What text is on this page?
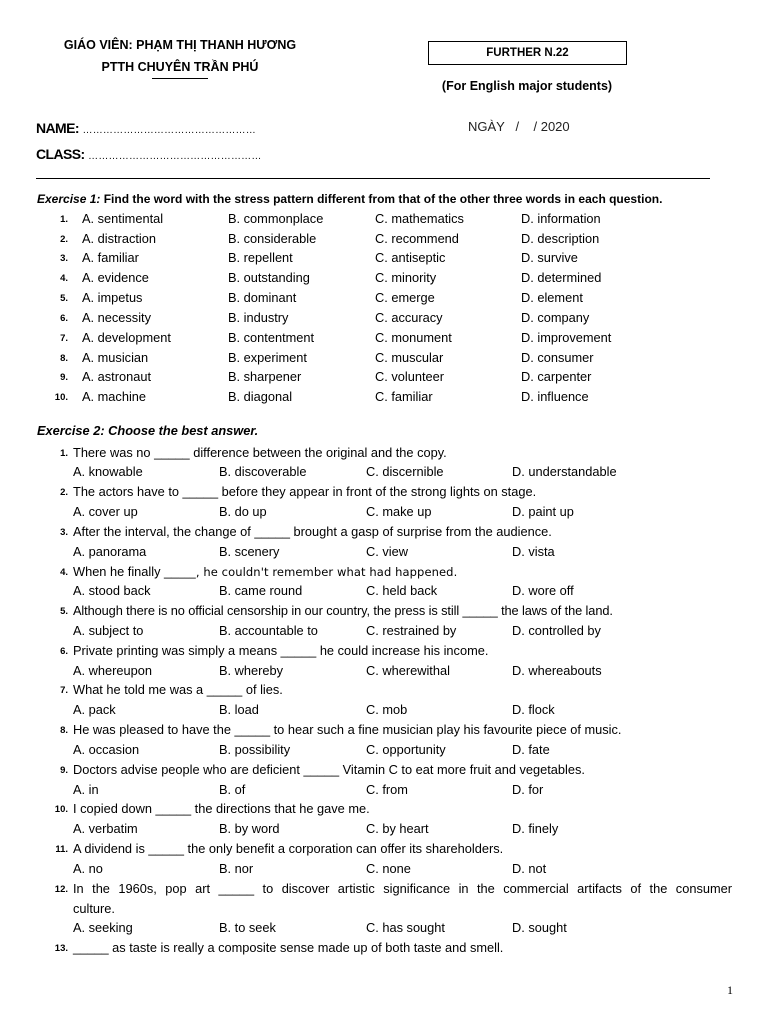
GIÁO VIÊN: PHẠM THỊ THANH HƯƠNG
PTTH CHUYÊN TRẦN PHÚ
FURTHER N.22
(For English major students)
NAME: ……………………………………………
CLASS: ……………………………………………
NGÀY   /    / 2020
Exercise 1: Find the word with the stress pattern different from that of the other three words in each question.
1. A. sentimental	B. commonplace	C. mathematics	D. information
2. A. distraction	B. considerable	C. recommend	D. description
3. A. familiar	B. repellent	C. antiseptic	D. survive
4. A. evidence	B. outstanding	C. minority	D. determined
5. A. impetus	B. dominant	C. emerge	D. element
6. A. necessity	B. industry	C. accuracy	D. company
7. A. development	B. contentment	C. monument	D. improvement
8. A. musician	B. experiment	C. muscular	D. consumer
9. A. astronaut	B. sharpener	C. volunteer	D. carpenter
10. A. machine	B. diagonal	C. familiar	D. influence
Exercise 2: Choose the best answer.
1. There was no _____ difference between the original and the copy.
A. knowable	B. discoverable	C. discernible	D. understandable
2. The actors have to _____ before they appear in front of the strong lights on stage.
A. cover up	B. do up	C. make up	D. paint up
3. After the interval, the change of _____ brought a gasp of surprise from the audience.
A. panorama	B. scenery	C. view	D. vista
4. When he finally _____, he couldn't remember what had happened.
A. stood back	B. came round	C. held back	D. wore off
5. Although there is no official censorship in our country, the press is still _____ the laws of the land.
A. subject to	B. accountable to	C. restrained by	D. controlled by
6. Private printing was simply a means _____ he could increase his income.
A. whereupon	B. whereby	C. wherewithal	D. whereabouts
7. What he told me was a _____ of lies.
A. pack	B. load	C. mob	D. flock
8. He was pleased to have the _____ to hear such a fine musician play his favourite piece of music.
A. occasion	B. possibility	C. opportunity	D. fate
9. Doctors advise people who are deficient _____ Vitamin C to eat more fruit and vegetables.
A. in	B. of	C. from	D. for
10. I copied down _____ the directions that he gave me.
A. verbatim	B. by word	C. by heart	D. finely
11. A dividend is _____ the only benefit a corporation can offer its shareholders.
A. no	B. nor	C. none	D. not
12. In the 1960s, pop art _____ to discover artistic significance in the commercial artifacts of the consumer
culture.
A. seeking	B. to seek	C. has sought	D. sought
13. _____ as taste is really a composite sense made up of both taste and smell.
1
